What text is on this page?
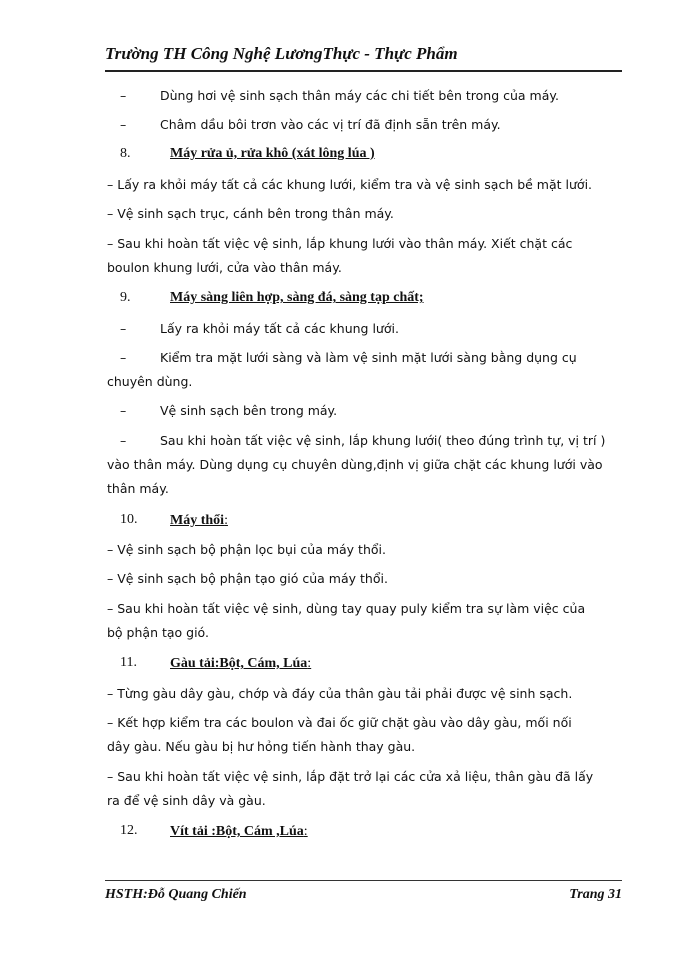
Trường TH Công Nghệ LươngThực - Thực Phẩm
–	Dùng hơi vệ sinh sạch thân máy các chi tiết bên trong của máy.
–	Châm dầu bôi trơn vào các vị trí đã định sẵn trên máy.
8.	Máy rửa ủ, rửa khô (xát lông lúa )
– Lấy ra khỏi máy tất cả các khung lưới, kiểm tra và vệ sinh sạch bề mặt lưới.
– Vệ sinh sạch trục, cánh bên trong thân máy.
– Sau khi hoàn tất việc vệ sinh, lắp khung lưới vào thân máy. Xiết chặt các
boulon khung lưới, cửa vào thân máy.
9.	Máy sàng liên hợp, sàng đá, sàng tạp chất;
–	Lấy ra khỏi máy tất cả các khung lưới.
–	Kiểm tra mặt lưới sàng và làm vệ sinh mặt lưới sàng bằng dụng cụ
chuyên dùng.
–	Vệ sinh sạch bên trong máy.
–	Sau khi hoàn tất việc vệ sinh, lắp khung lưới( theo đúng trình tự, vị trí )
vào thân máy. Dùng dụng cụ chuyên dùng,định vị giữa chặt các khung lưới vào
thân máy.
10. Máy thổi:
– Vệ sinh sạch bộ phận lọc bụi của máy thổi.
– Vệ sinh sạch bộ phận tạo gió của máy thổi.
– Sau khi hoàn tất việc vệ sinh, dùng tay quay puly kiểm tra sự làm việc của
bộ phận tạo gió.
11. Gàu tải:Bột, Cám, Lúa:
– Từng gàu dây gàu, chớp và đáy của thân gàu tải phải được vệ sinh sạch.
– Kết hợp kiểm tra các boulon và đai ốc giữ chặt gàu vào dây gàu, mối nối
dây gàu. Nếu gàu bị hư hỏng tiến hành thay gàu.
– Sau khi hoàn tất việc vệ sinh, lắp đặt trở lại các cửa xả liệu, thân gàu đã lấy
ra để vệ sinh dây và gàu.
12. Vít tải :Bột, Cám ,Lúa:
HSTH:Đỗ Quang Chiến	Trang 31
